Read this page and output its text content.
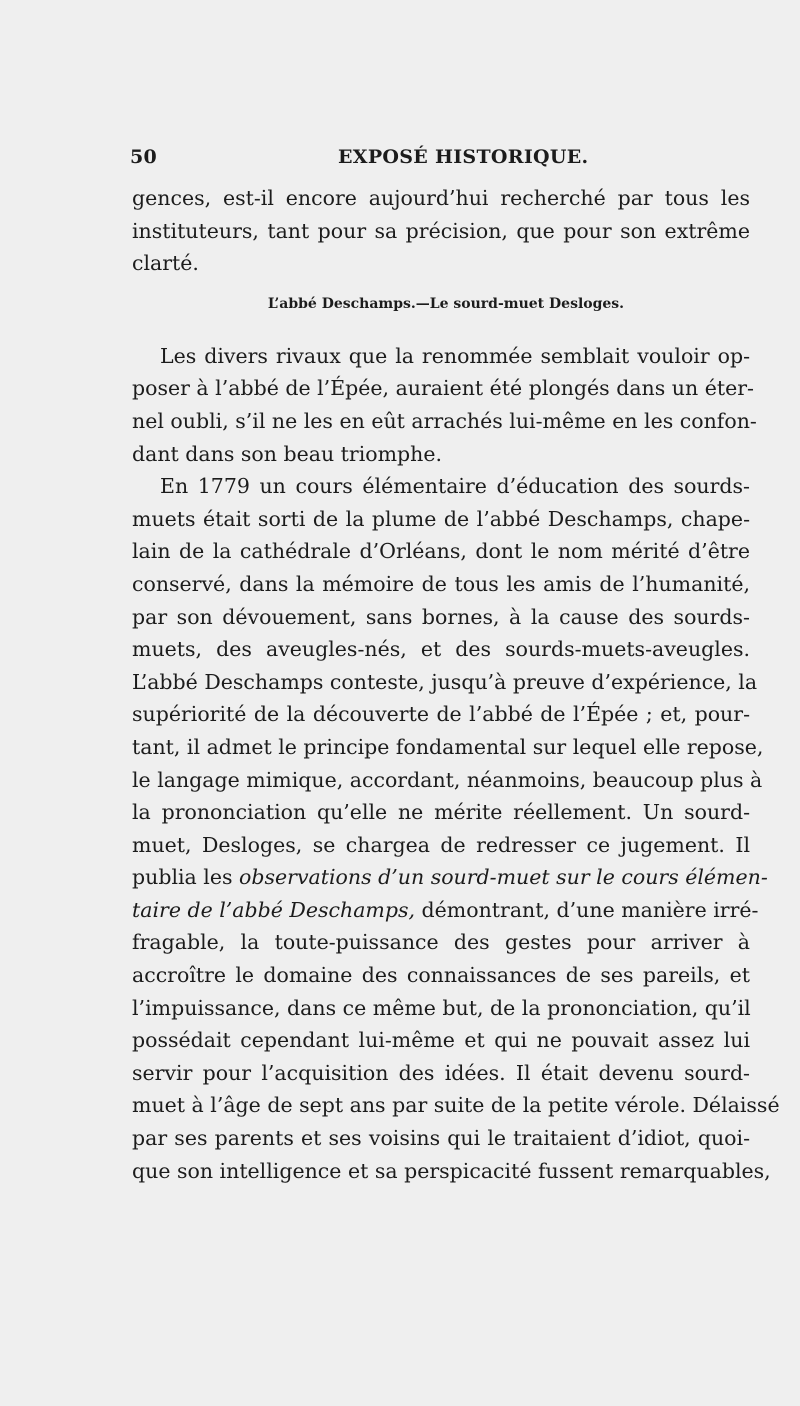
50	EXPOSÉ HISTORIQUE.
gences, est-il encore aujourd’hui recherché par tous les
instituteurs, tant pour sa précision, que pour son extrême
clarté.
L’abbé Deschamps.—Le sourd-muet Desloges.
Les divers rivaux que la renommée semblait vouloir op-
poser à l’abbé de l’Épée, auraient été plongés dans un éter-
nel oubli, s’il ne les en eût arrachés lui-même en les confon-
dant dans son beau triomphe.
En 1779 un cours élémentaire d’éducation des sourds-
muets était sorti de la plume de l’abbé Deschamps, chape-
lain de la cathédrale d’Orléans, dont le nom mérité d’être
conservé, dans la mémoire de tous les amis de l’humanité,
par son dévouement, sans bornes, à la cause des sourds-
muets, des aveugles-nés, et des sourds-muets-aveugles.
L’abbé Deschamps conteste, jusqu’à preuve d’expérience, la
supériorité de la découverte de l’abbé de l’Épée ; et, pour-
tant, il admet le principe fondamental sur lequel elle repose,
le langage mimique, accordant, néanmoins, beaucoup plus à
la prononciation qu’elle ne mérite réellement. Un sourd-
muet, Desloges, se chargea de redresser ce jugement. Il
publia les observations d’un sourd-muet sur le cours élémen-
taire de l’abbé Deschamps, démontrant, d’une manière irré-
fragable, la toute-puissance des gestes pour arriver à
accroître le domaine des connaissances de ses pareils, et
l’impuissance, dans ce même but, de la prononciation, qu’il
possédait cependant lui-même et qui ne pouvait assez lui
servir pour l’acquisition des idées. Il était devenu sourd-
muet à l’âge de sept ans par suite de la petite vérole. Délaissé
par ses parents et ses voisins qui le traitaient d’idiot, quoi-
que son intelligence et sa perspicacité fussent remarquables,
